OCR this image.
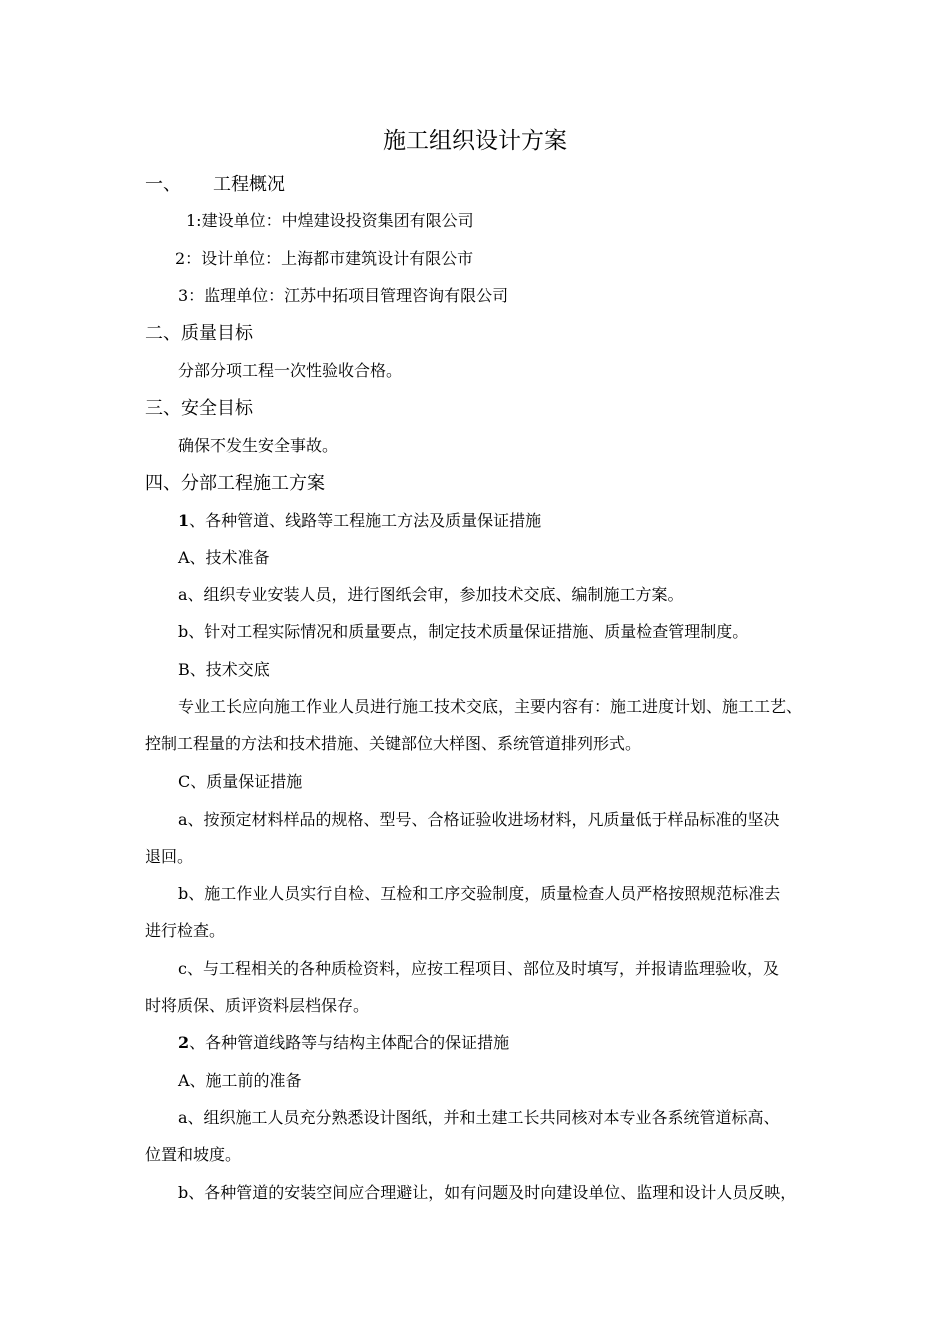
施工组织设计方案
一、 工程概况
1:建设单位：中煌建设投资集团有限公司
2：设计单位：上海都市建筑设计有限公市
3：监理单位：江苏中拓项目管理咨询有限公司
二、质量目标
分部分项工程一次性验收合格。
三、安全目标
确保不发生安全事故。
四、分部工程施工方案
1、各种管道、线路等工程施工方法及质量保证措施
A、技术准备
a、组织专业安装人员，进行图纸会审，参加技术交底、编制施工方案。
b、针对工程实际情况和质量要点，制定技术质量保证措施、质量检查管理制度。
B、技术交底
专业工长应向施工作业人员进行施工技术交底，主要内容有：施工进度计划、施工工艺、
控制工程量的方法和技术措施、关键部位大样图、系统管道排列形式。
C、质量保证措施
a、按预定材料样品的规格、型号、合格证验收进场材料，凡质量低于样品标准的坚决
退回。
b、施工作业人员实行自检、互检和工序交验制度，质量检查人员严格按照规范标准去
进行检查。
c、与工程相关的各种质检资料，应按工程项目、部位及时填写，并报请监理验收，及
时将质保、质评资料层档保存。
2、各种管道线路等与结构主体配合的保证措施
A、施工前的准备
a、组织施工人员充分熟悉设计图纸，并和土建工长共同核对本专业各系统管道标高、
位置和坡度。
b、各种管道的安装空间应合理避让，如有问题及时向建设单位、监理和设计人员反映，
